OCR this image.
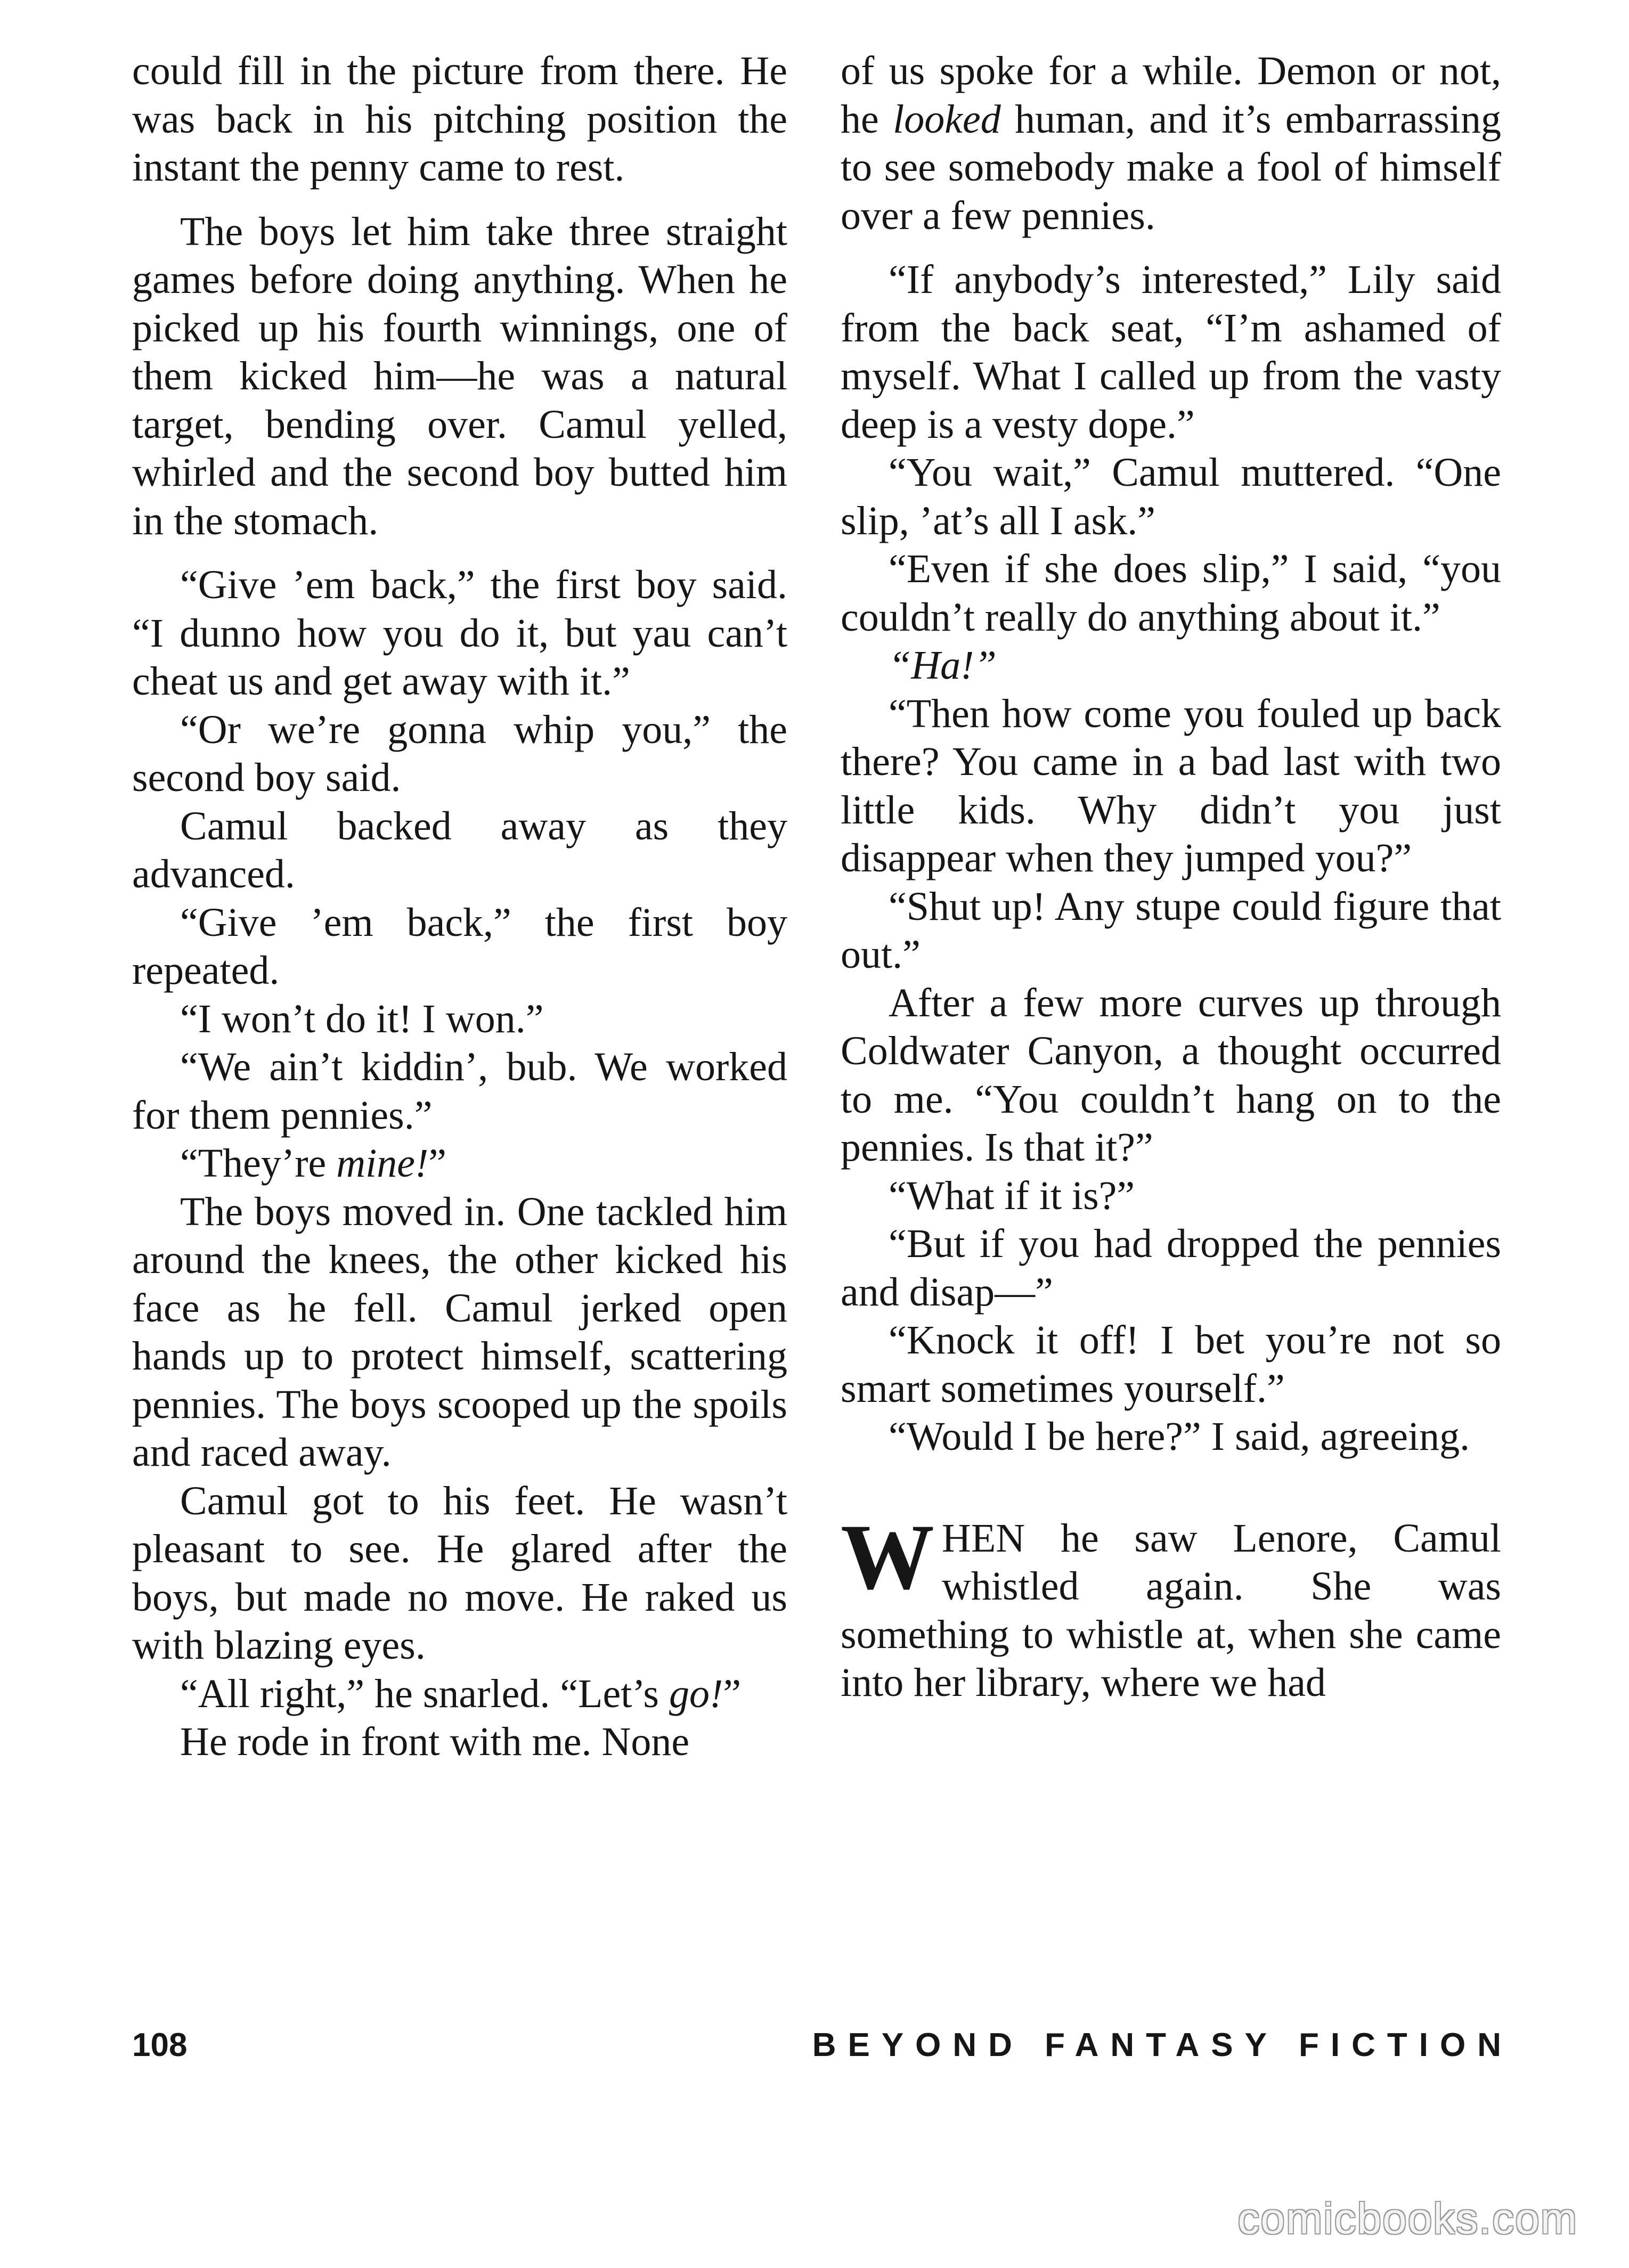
could fill in the picture from there. He was back in his pitching position the instant the penny came to rest.

The boys let him take three straight games before doing anything. When he picked up his fourth winnings, one of them kicked him—he was a natural target, bending over. Camul yelled, whirled and the second boy butted him in the stomach.

“Give ’em back,” the first boy said. “I dunno how you do it, but yau can’t cheat us and get away with it.”

“Or we’re gonna whip you,” the second boy said.

Camul backed away as they advanced.

“Give ’em back,” the first boy repeated.

“I won’t do it! I won.”

“We ain’t kiddin’, bub. We worked for them pennies.”

“They’re mine!”

The boys moved in. One tackled him around the knees, the other kicked his face as he fell. Camul jerked open hands up to protect himself, scattering pennies. The boys scooped up the spoils and raced away.

Camul got to his feet. He wasn’t pleasant to see. He glared after the boys, but made no move. He raked us with blazing eyes.

“All right,” he snarled. “Let’s go!”

He rode in front with me. None

of us spoke for a while. Demon or not, he looked human, and it’s embarrassing to see somebody make a fool of himself over a few pennies.

“If anybody’s interested,” Lily said from the back seat, “I’m ashamed of myself. What I called up from the vasty deep is a vesty dope.”

“You wait,” Camul muttered. “One slip, ’at’s all I ask.”

“Even if she does slip,” I said, “you couldn’t really do anything about it.”

“Ha!”

“Then how come you fouled up back there? You came in a bad last with two little kids. Why didn’t you just disappear when they jumped you?”

“Shut up! Any stupe could figure that out.”

After a few more curves up through Coldwater Canyon, a thought occurred to me. “You couldn’t hang on to the pennies. Is that it?”

“What if it is?”

“But if you had dropped the pennies and disap—”

“Knock it off! I bet you’re not so smart sometimes yourself.”

“Would I be here?” I said, agreeing.

WHEN he saw Lenore, Camul whistled again. She was something to whistle at, when she came into her library, where we had

108	BEYOND FANTASY FICTION
comicbooks.com
